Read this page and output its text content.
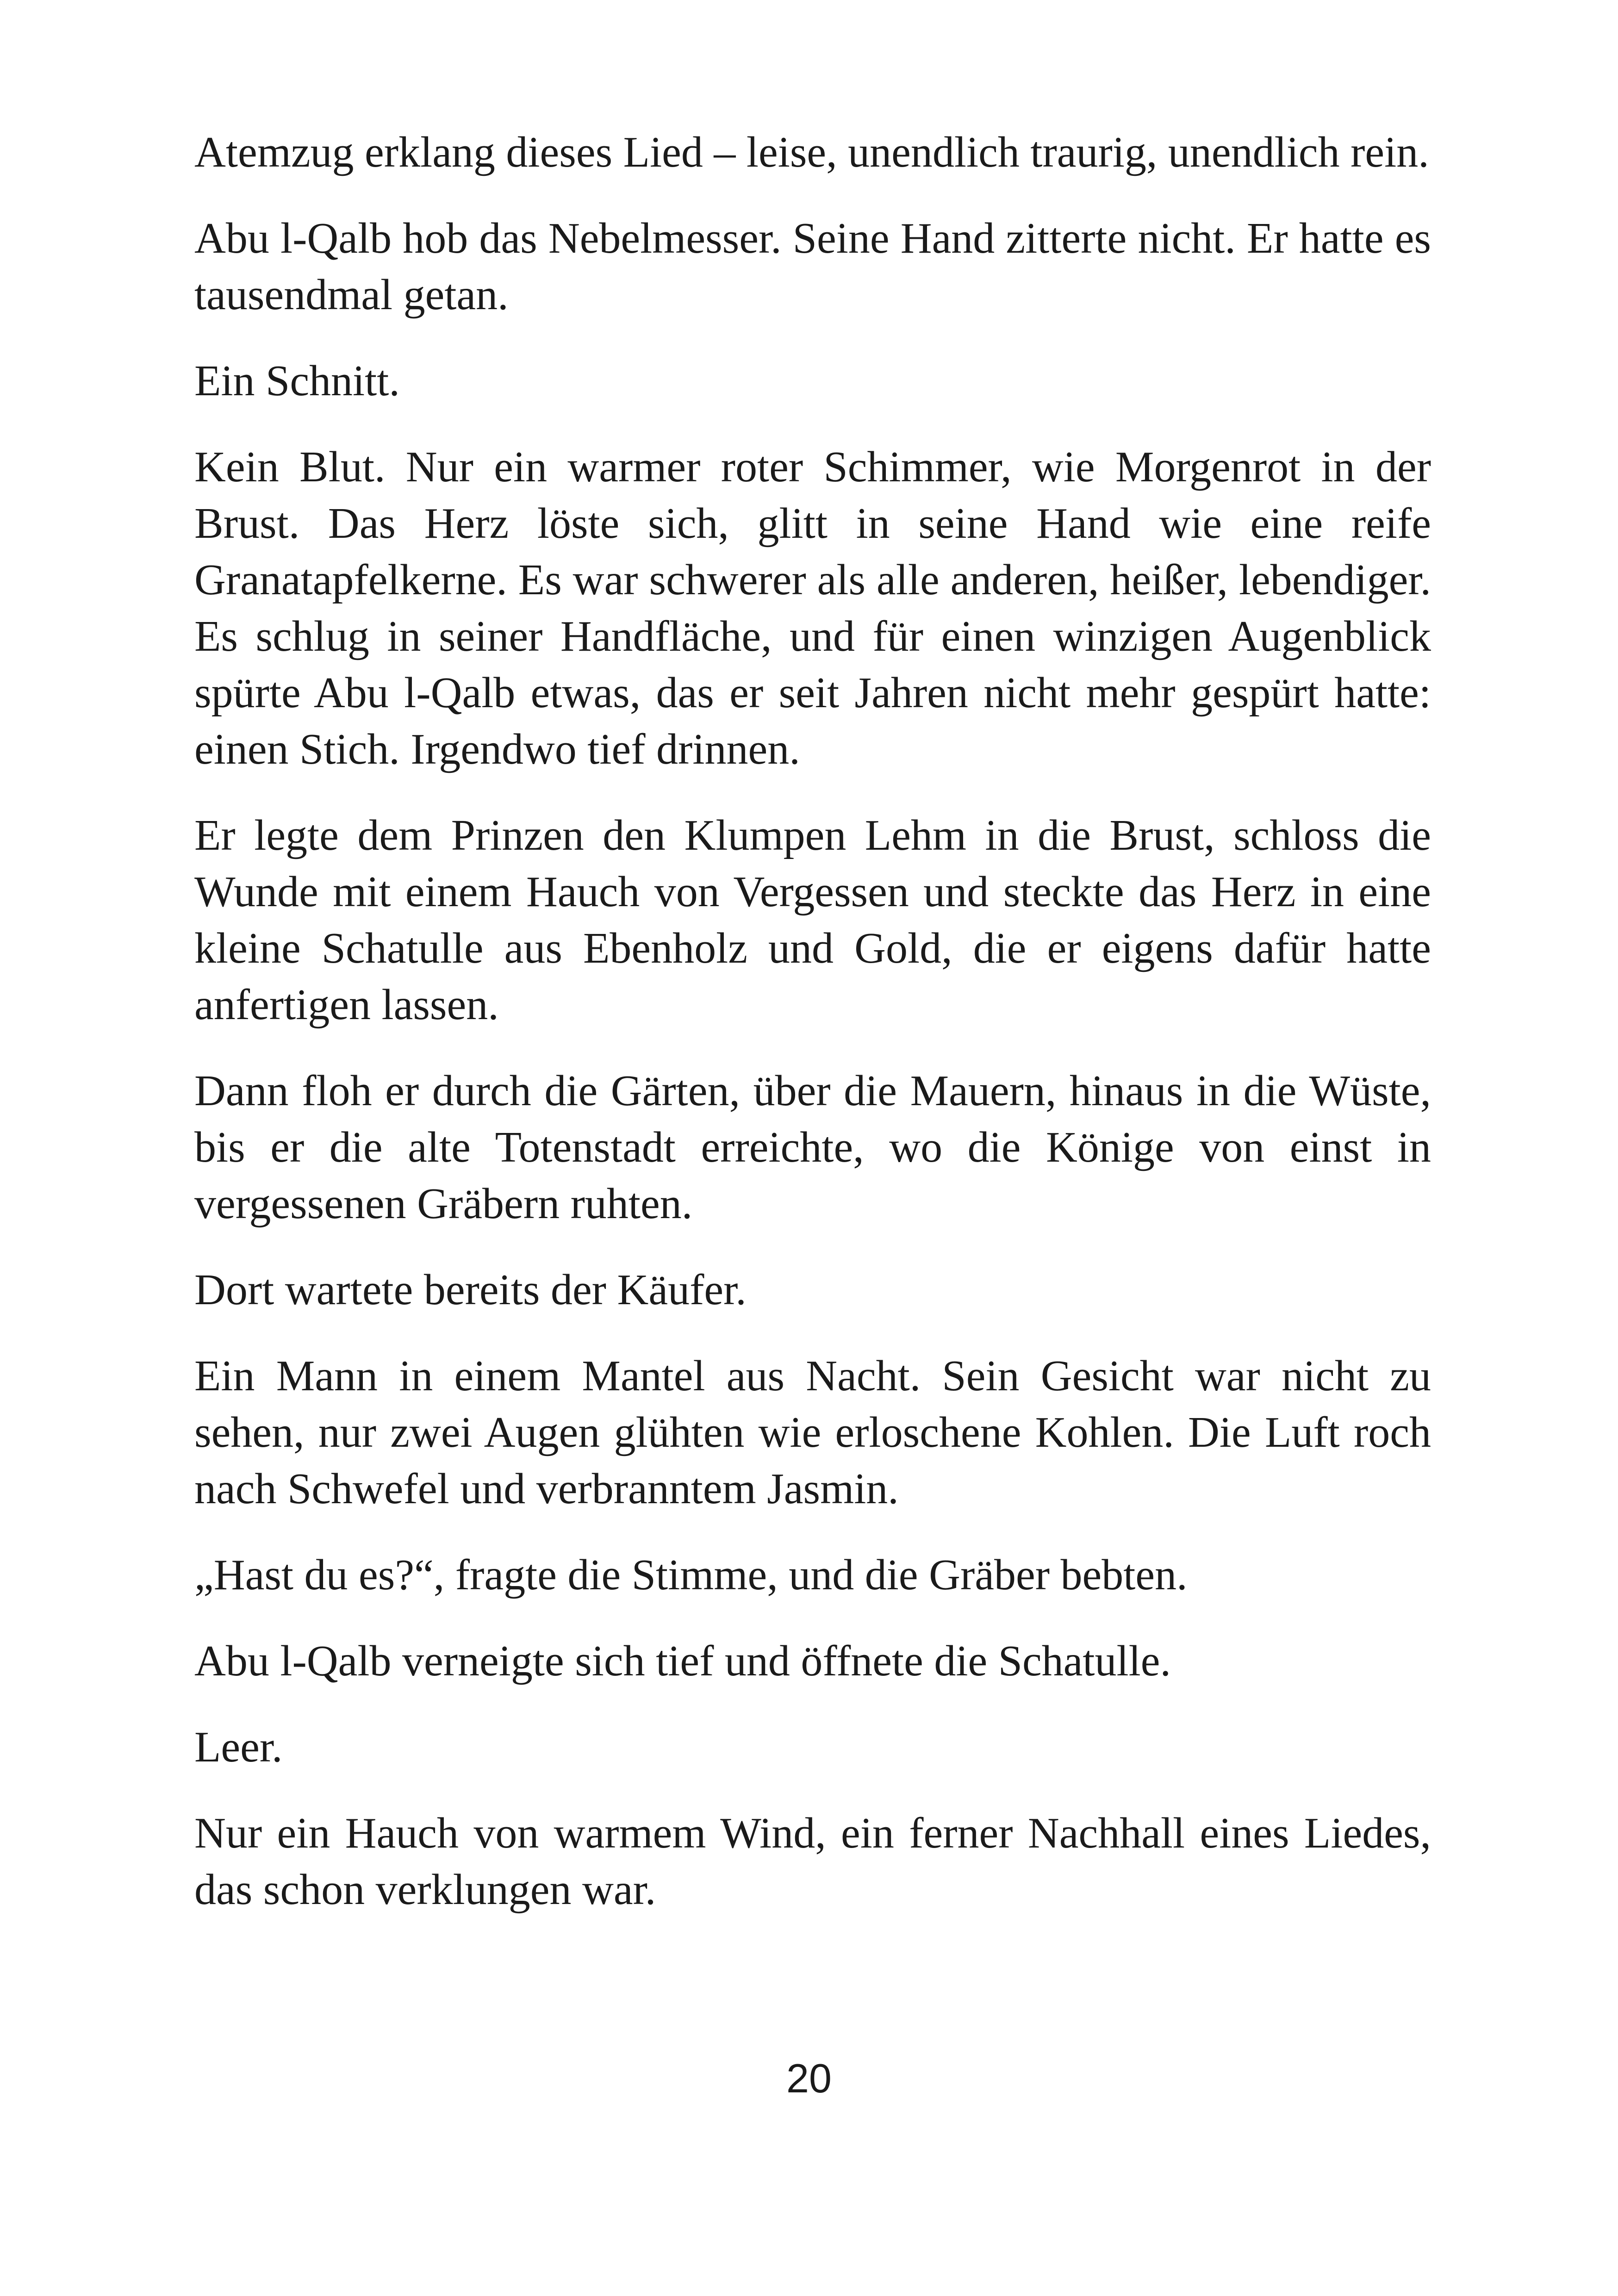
Atemzug erklang dieses Lied – leise, unendlich traurig, unendlich rein.

Abu l-Qalb hob das Nebelmesser. Seine Hand zitterte nicht. Er hatte es tausendmal getan.

Ein Schnitt.

Kein Blut. Nur ein warmer roter Schimmer, wie Morgenrot in der Brust. Das Herz löste sich, glitt in seine Hand wie eine reife Granatapfelkerne. Es war schwerer als alle anderen, heißer, lebendiger. Es schlug in seiner Handfläche, und für einen winzigen Augenblick spürte Abu l-Qalb etwas, das er seit Jahren nicht mehr gespürt hatte: einen Stich. Irgendwo tief drinnen.

Er legte dem Prinzen den Klumpen Lehm in die Brust, schloss die Wunde mit einem Hauch von Vergessen und steckte das Herz in eine kleine Schatulle aus Ebenholz und Gold, die er eigens dafür hatte anfertigen lassen.

Dann floh er durch die Gärten, über die Mauern, hinaus in die Wüste, bis er die alte Totenstadt erreichte, wo die Könige von einst in vergessenen Gräbern ruhten.

Dort wartete bereits der Käufer.

Ein Mann in einem Mantel aus Nacht. Sein Gesicht war nicht zu sehen, nur zwei Augen glühten wie erloschene Kohlen. Die Luft roch nach Schwefel und verbranntem Jasmin.

„Hast du es?“, fragte die Stimme, und die Gräber bebten.

Abu l-Qalb verneigte sich tief und öffnete die Schatulle.

Leer.

Nur ein Hauch von warmem Wind, ein ferner Nachhall eines Liedes, das schon verklungen war.

20
